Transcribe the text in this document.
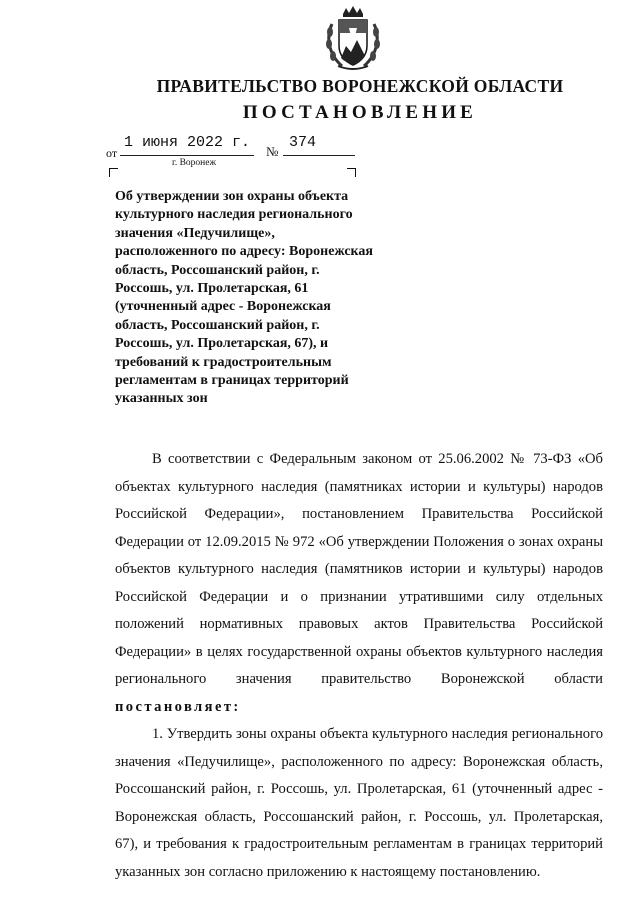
ПРАВИТЕЛЬСТВО ВОРОНЕЖСКОЙ ОБЛАСТИ
ПОСТАНОВЛЕНИЕ
от
1 июня 2022 г.
№
374
г. Воронеж
Об утверждении зон охраны объекта культурного наследия регионального значения «Педучилище», расположенного по адресу: Воронежская область, Россошанский район, г. Россошь, ул. Пролетарская, 61 (уточненный адрес - Воронежская область, Россошанский район, г. Россошь, ул. Пролетарская, 67), и требований к градостроительным регламентам в границах территорий указанных зон

В соответствии с Федеральным законом от 25.06.2002 № 73-ФЗ «Об объектах культурного наследия (памятниках истории и культуры) народов Российской Федерации», постановлением Правительства Российской Федерации от 12.09.2015 № 972 «Об утверждении Положения о зонах охраны объектов культурного наследия (памятников истории и культуры) народов Российской Федерации и о признании утратившими силу отдельных положений нормативных правовых актов Правительства Российской Федерации» в целях государственной охраны объектов культурного наследия регионального значения правительство Воронежской области постановляет:

1. Утвердить зоны охраны объекта культурного наследия регионального значения «Педучилище», расположенного по адресу: Воронежская область, Россошанский район, г. Россошь, ул. Пролетарская, 61 (уточненный адрес - Воронежская область, Россошанский район, г. Россошь, ул. Пролетарская, 67), и требования к градостроительным регламентам в границах территорий указанных зон согласно приложению к настоящему постановлению.
